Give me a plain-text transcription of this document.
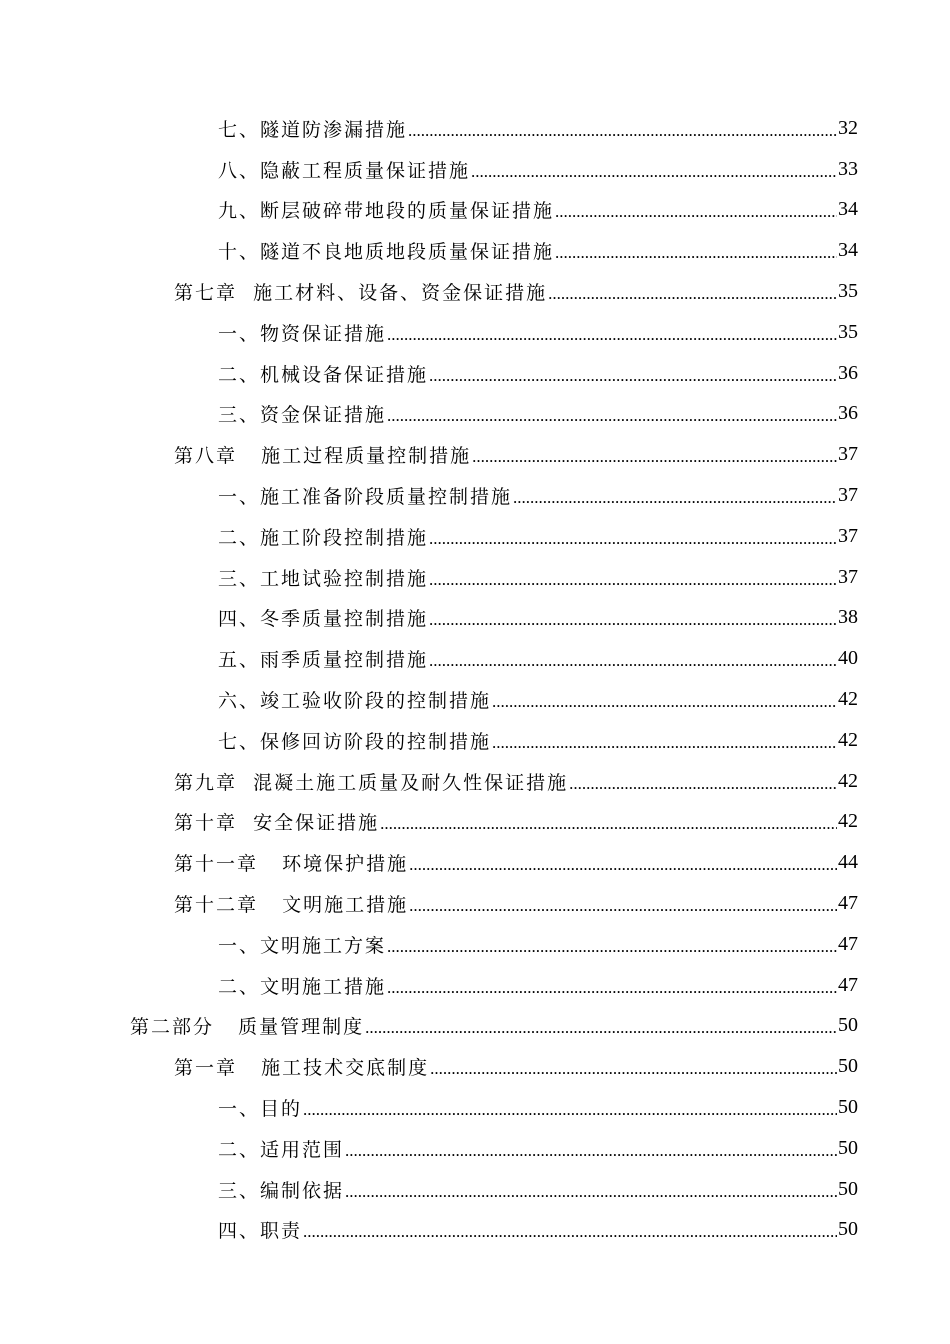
七、隧道防渗漏措施 .....	32
八、隐蔽工程质量保证措施 .....	33
九、断层破碎带地段的质量保证措施 .....	34
十、隧道不良地质地段质量保证措施 .....	34
第七章  施工材料、设备、资金保证措施 .....	35
一、物资保证措施 .....	35
二、机械设备保证措施 .....	36
三、资金保证措施 .....	36
第八章   施工过程质量控制措施 .....	37
一、施工准备阶段质量控制措施 .....	37
二、施工阶段控制措施 .....	37
三、工地试验控制措施 .....	37
四、冬季质量控制措施 .....	38
五、雨季质量控制措施 .....	40
六、竣工验收阶段的控制措施 .....	42
七、保修回访阶段的控制措施 .....	42
第九章  混凝土施工质量及耐久性保证措施 .....	42
第十章  安全保证措施 .....	42
第十一章   环境保护措施 .....	44
第十二章   文明施工措施 .....	47
一、文明施工方案 .....	47
二、文明施工措施 .....	47
第二部分   质量管理制度 .....	50
第一章   施工技术交底制度 .....	50
一、目的 .....	50
二、适用范围 .....	50
三、编制依据 .....	50
四、职责 .....	50
